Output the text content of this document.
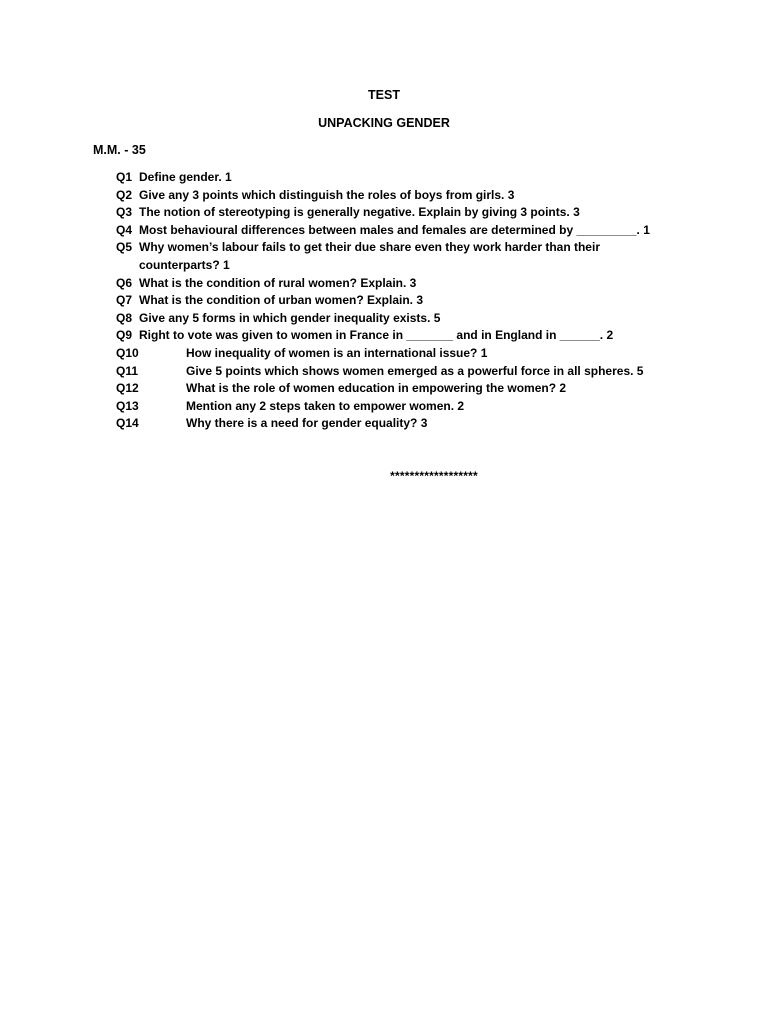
TEST
UNPACKING GENDER
M.M. - 35
Q1 Define gender. 1
Q2 Give any 3 points which distinguish the roles of boys from girls. 3
Q3 The notion of stereotyping is generally negative. Explain by giving 3 points. 3
Q4 Most behavioural differences between males and females are determined by _________. 1
Q5 Why women’s labour fails to get their due share even they work harder than their counterparts? 1
Q6 What is the condition of rural women? Explain. 3
Q7 What is the condition of urban women? Explain. 3
Q8 Give any 5 forms in which gender inequality exists. 5
Q9 Right to vote was given to women in France in _______ and in England in ______. 2
Q10	How inequality of women is an international issue? 1
Q11	Give 5 points which shows women emerged as a powerful force in all spheres. 5
Q12	What is the role of women education in empowering the women? 2
Q13	Mention any 2 steps taken to empower women. 2
Q14	Why there is a need for gender equality? 3
******************
